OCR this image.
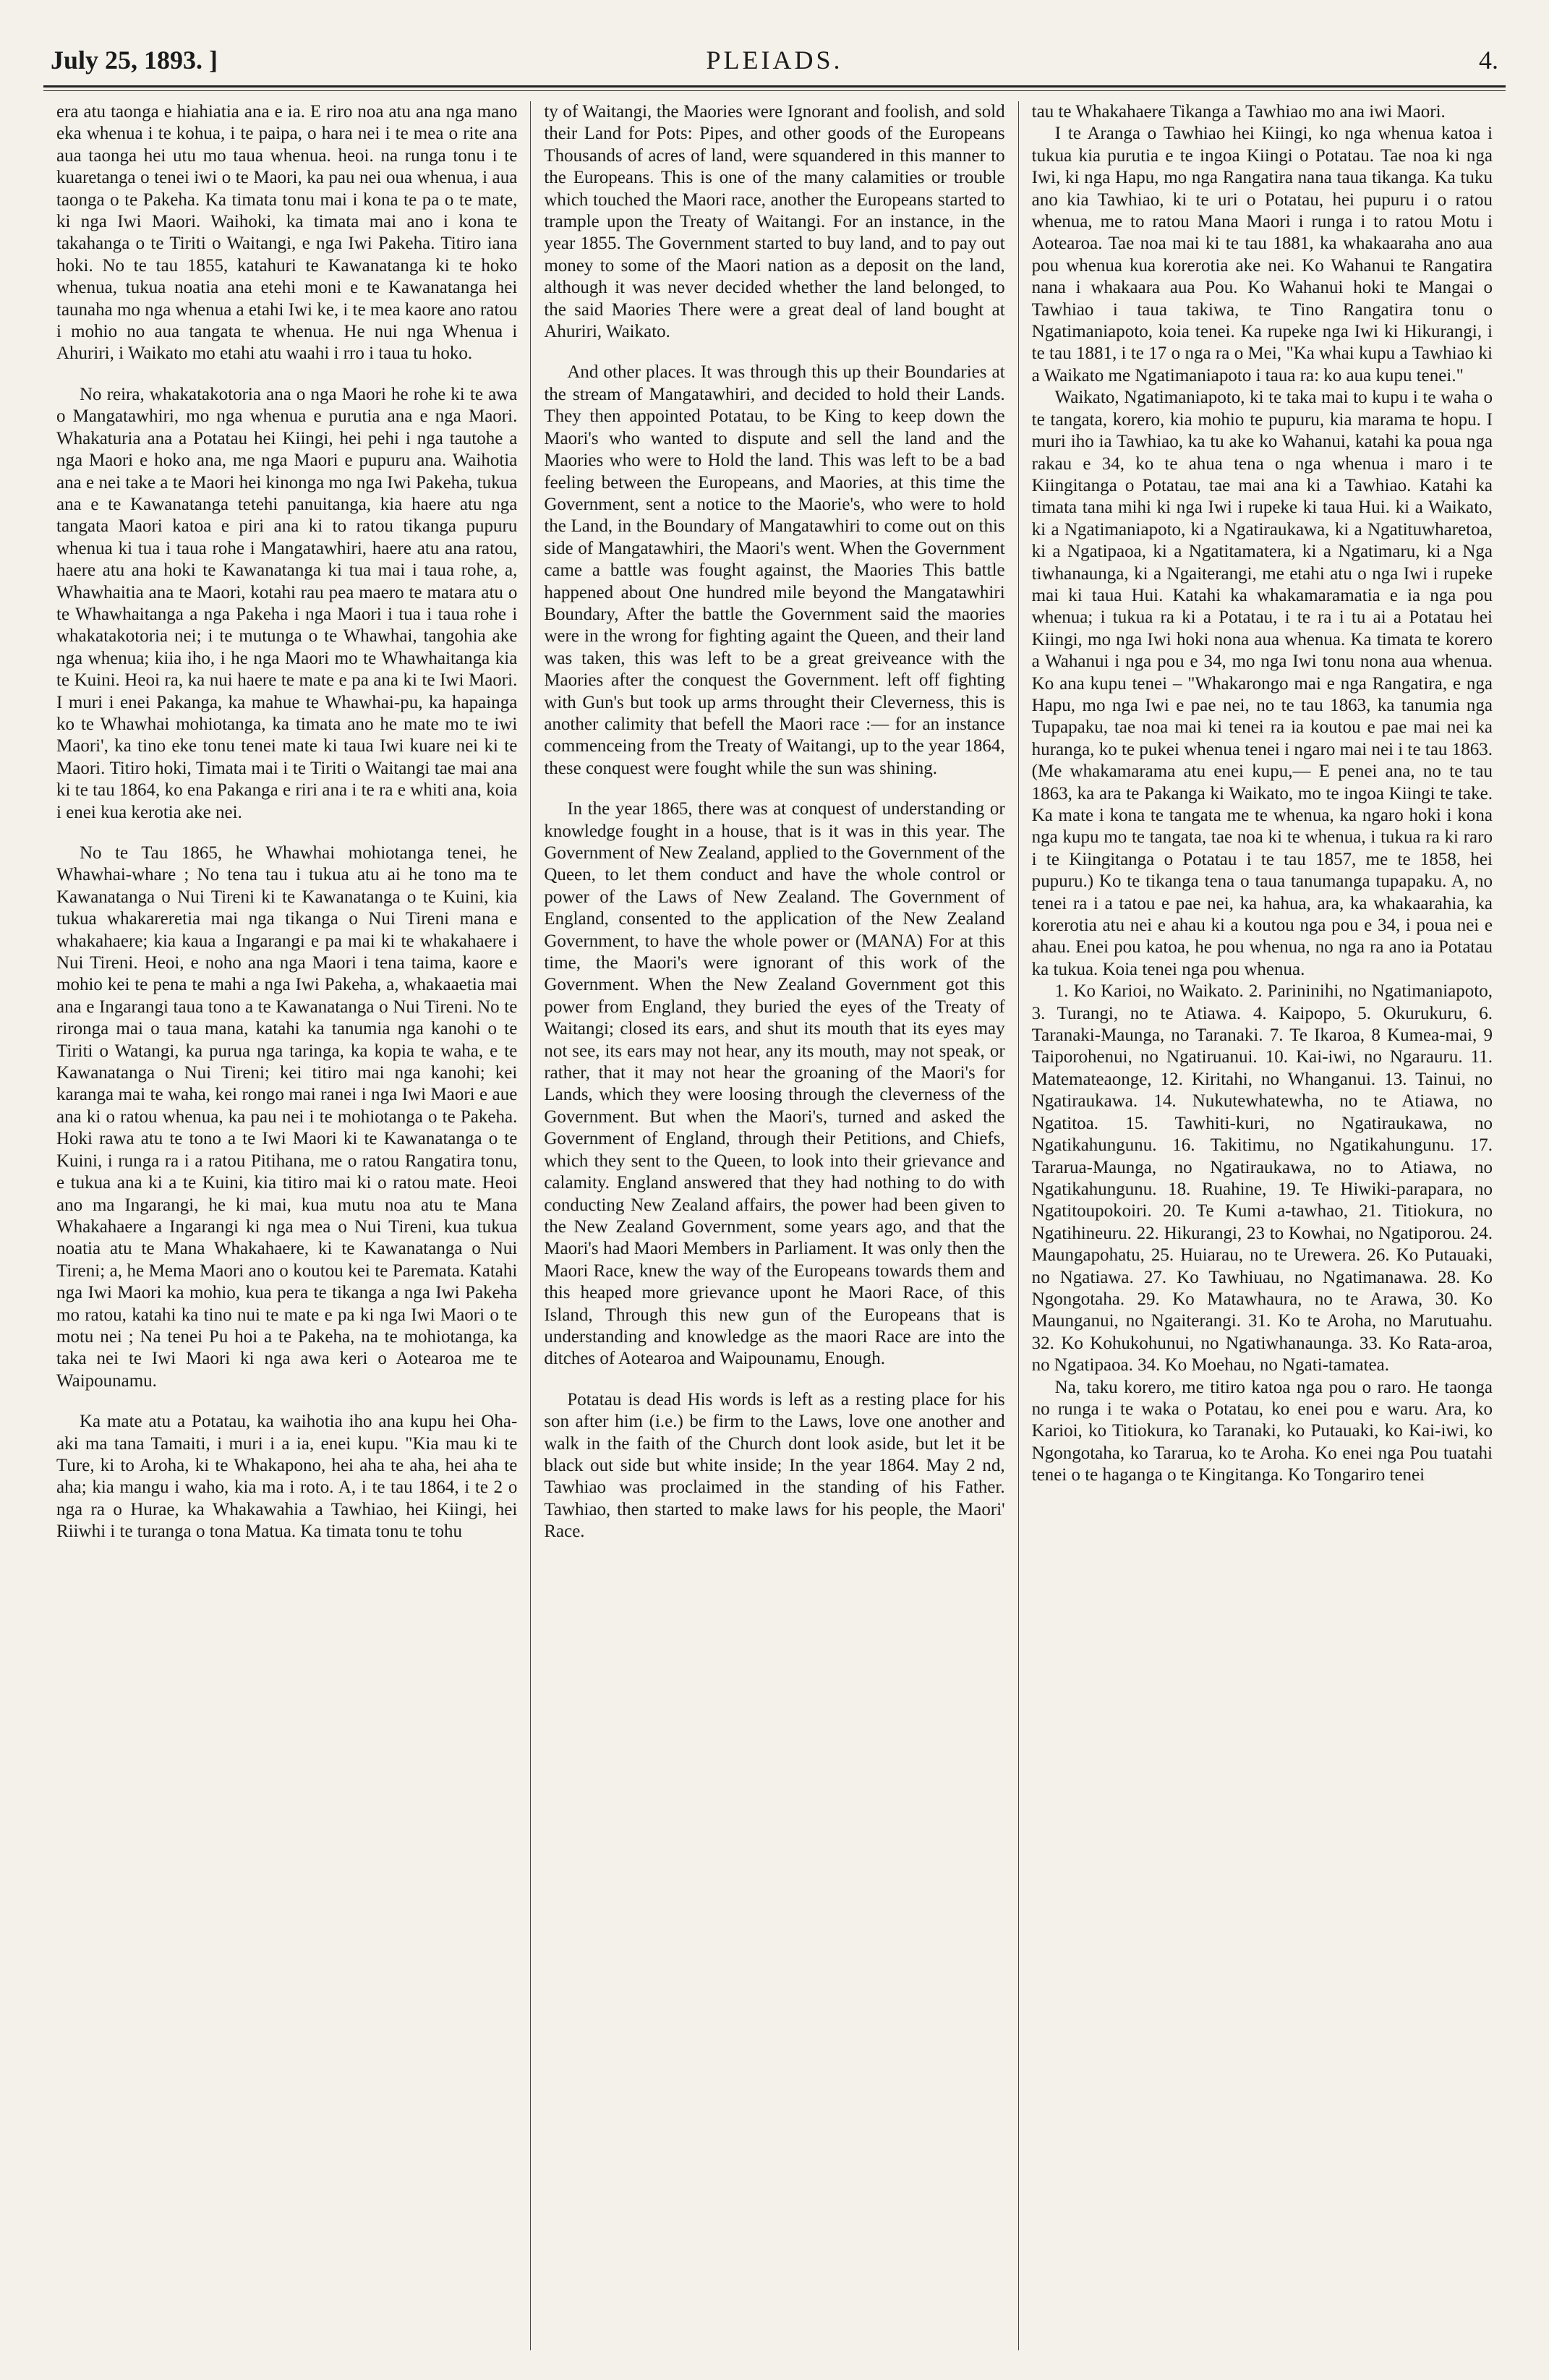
July 25, 1893. ]	PLEIADS.	4.

era atu taonga e hiahiatia ana e ia. E riro noa atu ana nga mano eka whenua i te kohua, i te paipa, o hara nei i te mea o rite ana aua taonga hei utu mo taua whenua. heoi. na runga tonu i te kuaretanga o tenei iwi o te Maori, ka pau nei oua whenua, i aua taonga o te Pakeha. Ka timata tonu mai i kona te pa o te mate, ki nga Iwi Maori. Waihoki, ka timata mai ano i kona te takahanga o te Tiriti o Waitangi, e nga Iwi Pakeha. Titiro iana hoki. No te tau 1855, katahuri te Kawanatanga ki te hoko whenua, tukua noatia ana etehi moni e te Kawanatanga hei taunaha mo nga whenua a etahi Iwi ke, i te mea kaore ano ratou i mohio no aua tangata te whenua. He nui nga Whenua i Ahuriri, i Waikato mo etahi atu waahi i rro i taua tu hoko.

No reira, whakatakotoria ana o nga Maori he rohe ki te awa o Mangatawhiri, mo nga whenua e purutia ana e nga Maori. Whakaturia ana a Potatau hei Kiingi, hei pehi i nga tautohe a nga Maori e hoko ana, me nga Maori e pupuru ana. Waihotia ana e nei take a te Maori hei kinonga mo nga Iwi Pakeha, tukua ana e te Kawanatanga tetehi panuitanga, kia haere atu nga tangata Maori katoa e piri ana ki to ratou tikanga pupuru whenua ki tua i taua rohe i Mangatawhiri, haere atu ana ratou, haere atu ana hoki te Kawanatanga ki tua mai i taua rohe, a, Whawhaitia ana te Maori, kotahi rau pea maero te matara atu o te Whawhaitanga a nga Pakeha i nga Maori i tua i taua rohe i whakatakotoria nei; i te mutunga o te Whawhai, tangohia ake nga whenua; kiia iho, i he nga Maori mo te Whawhaitanga kia te Kuini. Heoi ra, ka nui haere te mate e pa ana ki te Iwi Maori. I muri i enei Pakanga, ka mahue te Whawhai-pu, ka hapainga ko te Whawhai mohiotanga, ka timata ano he mate mo te iwi Maori', ka tino eke tonu tenei mate ki taua Iwi kuare nei ki te Maori. Titiro hoki, Timata mai i te Tiriti o Waitangi tae mai ana ki te tau 1864, ko ena Pakanga e riri ana i te ra e whiti ana, koia i enei kua kerotia ake nei.

No te Tau 1865, he Whawhai mohiotanga tenei, he Whawhai-whare ; No tena tau i tukua atu ai he tono ma te Kawanatanga o Nui Tireni ki te Kawanatanga o te Kuini, kia tukua whakareretia mai nga tikanga o Nui Tireni mana e whakahaere; kia kaua a Ingarangi e pa mai ki te whakahaere i Nui Tireni. Heoi, e noho ana nga Maori i tena taima, kaore e mohio kei te pena te mahi a nga Iwi Pakeha, a, whakaaetia mai ana e Ingarangi taua tono a te Kawanatanga o Nui Tireni. No te rironga mai o taua mana, katahi ka tanumia nga kanohi o te Tiriti o Watangi, ka purua nga taringa, ka kopia te waha, e te Kawanatanga o Nui Tireni; kei titiro mai nga kanohi; kei karanga mai te waha, kei rongo mai ranei i nga Iwi Maori e aue ana ki o ratou whenua, ka pau nei i te mohiotanga o te Pakeha. Hoki rawa atu te tono a te Iwi Maori ki te Kawanatanga o te Kuini, i runga ra i a ratou Pitihana, me o ratou Rangatira tonu, e tukua ana ki a te Kuini, kia titiro mai ki o ratou mate. Heoi ano ma Ingarangi, he ki mai, kua mutu noa atu te Mana Whakahaere a Ingarangi ki nga mea o Nui Tireni, kua tukua noatia atu te Mana Whakahaere, ki te Kawanatanga o Nui Tireni; a, he Mema Maori ano o koutou kei te Paremata. Katahi nga Iwi Maori ka mohio, kua pera te tikanga a nga Iwi Pakeha mo ratou, katahi ka tino nui te mate e pa ki nga Iwi Maori o te motu nei ; Na tenei Pu hoi a te Pakeha, na te mohiotanga, ka taka nei te Iwi Maori ki nga awa keri o Aotearoa me te Waipounamu.

Ka mate atu a Potatau, ka waihotia iho ana kupu hei Oha-aki ma tana Tamaiti, i muri i a ia, enei kupu. "Kia mau ki te Ture, ki to Aroha, ki te Whakapono, hei aha te aha, hei aha te aha; kia mangu i waho, kia ma i roto. A, i te tau 1864, i te 2 o nga ra o Hurae, ka Whakawahia a Tawhiao, hei Kiingi, hei Riiwhi i te turanga o tona Matua. Ka timata tonu te tohu

ty of Waitangi, the Maories were Ignorant and foolish, and sold their Land for Pots: Pipes, and other goods of the Europeans Thousands of acres of land, were squandered in this manner to the Europeans. This is one of the many calamities or trouble which touched the Maori race, another the Europeans started to trample upon the Treaty of Waitangi. For an instance, in the year 1855. The Government started to buy land, and to pay out money to some of the Maori nation as a deposit on the land, although it was never decided whether the land belonged, to the said Maories There were a great deal of land bought at Ahuriri, Waikato.

And other places. It was through this up their Boundaries at the stream of Mangatawhiri, and decided to hold their Lands. They then appointed Potatau, to be King to keep down the Maori's who wanted to dispute and sell the land and the Maories who were to Hold the land. This was left to be a bad feeling between the Europeans, and Maories, at this time the Government, sent a notice to the Maorie's, who were to hold the Land, in the Boundary of Mangatawhiri to come out on this side of Mangatawhiri, the Maori's went. When the Government came a battle was fought against, the Maories This battle happened about One hundred mile beyond the Mangatawhiri Boundary, After the battle the Government said the maories were in the wrong for fighting againt the Queen, and their land was taken, this was left to be a great greiveance with the Maories after the conquest the Government. left off fighting with Gun's but took up arms throught their Cleverness, this is another calimity that befell the Maori race :— for an instance commenceing from the Treaty of Waitangi, up to the year 1864, these conquest were fought while the sun was shining.

In the year 1865, there was at conquest of understanding or knowledge fought in a house, that is it was in this year. The Government of New Zealand, applied to the Government of the Queen, to let them conduct and have the whole control or power of the Laws of New Zealand. The Government of England, consented to the application of the New Zealand Government, to have the whole power or (MANA) For at this time, the Maori's were ignorant of this work of the Government. When the New Zealand Government got this power from England, they buried the eyes of the Treaty of Waitangi; closed its ears, and shut its mouth that its eyes may not see, its ears may not hear, any its mouth, may not speak, or rather, that it may not hear the groaning of the Maori's for Lands, which they were loosing through the cleverness of the Government. But when the Maori's, turned and asked the Government of England, through their Petitions, and Chiefs, which they sent to the Queen, to look into their grievance and calamity. England answered that they had nothing to do with conducting New Zealand affairs, the power had been given to the New Zealand Government, some years ago, and that the Maori's had Maori Members in Parliament. It was only then the Maori Race, knew the way of the Europeans towards them and this heaped more grievance upont he Maori Race, of this Island, Through this new gun of the Europeans that is understanding and knowledge as the maori Race are into the ditches of Aotearoa and Waipounamu, Enough.

Potatau is dead His words is left as a resting place for his son after him (i.e.) be firm to the Laws, love one another and walk in the faith of the Church dont look aside, but let it be black out side but white inside; In the year 1864. May 2 nd, Tawhiao was proclaimed in the standing of his Father. Tawhiao, then started to make laws for his people, the Maori' Race.

tau te Whakahaere Tikanga a Tawhiao mo ana iwi Maori.

I te Aranga o Tawhiao hei Kiingi, ko nga whenua katoa i tukua kia purutia e te ingoa Kiingi o Potatau. Tae noa ki nga Iwi, ki nga Hapu, mo nga Rangatira nana taua tikanga. Ka tuku ano kia Tawhiao, ki te uri o Potatau, hei pupuru i o ratou whenua, me to ratou Mana Maori i runga i to ratou Motu i Aotearoa. Tae noa mai ki te tau 1881, ka whakaaraha ano aua pou whenua kua korerotia ake nei. Ko Wahanui te Rangatira nana i whakaara aua Pou. Ko Wahanui hoki te Mangai o Tawhiao i taua takiwa, te Tino Rangatira tonu o Ngatimaniapoto, koia tenei. Ka rupeke nga Iwi ki Hikurangi, i te tau 1881, i te 17 o nga ra o Mei, "Ka whai kupu a Tawhiao ki a Waikato me Ngatimaniapoto i taua ra: ko aua kupu tenei."

Waikato, Ngatimaniapoto, ki te taka mai to kupu i te waha o te tangata, korero, kia mohio te pupuru, kia marama te hopu. I muri iho ia Tawhiao, ka tu ake ko Wahanui, katahi ka poua nga rakau e 34, ko te ahua tena o nga whenua i maro i te Kiingitanga o Potatau, tae mai ana ki a Tawhiao. Katahi ka timata tana mihi ki nga Iwi i rupeke ki taua Hui. ki a Waikato, ki a Ngatimaniapoto, ki a Ngatiraukawa, ki a Ngatituwharetoa, ki a Ngatipaoa, ki a Ngatitamatera, ki a Ngatimaru, ki a Nga tiwhanaunga, ki a Ngaiterangi, me etahi atu o nga Iwi i rupeke mai ki taua Hui. Katahi ka whakamaramatia e ia nga pou whenua; i tukua ra ki a Potatau, i te ra i tu ai a Potatau hei Kiingi, mo nga Iwi hoki nona aua whenua. Ka timata te korero a Wahanui i nga pou e 34, mo nga Iwi tonu nona aua whenua. Ko ana kupu tenei – "Whakarongo mai e nga Rangatira, e nga Hapu, mo nga Iwi e pae nei, no te tau 1863, ka tanumia nga Tupapaku, tae noa mai ki tenei ra ia koutou e pae mai nei ka huranga, ko te pukei whenua tenei i ngaro mai nei i te tau 1863. (Me whakamarama atu enei kupu,— E penei ana, no te tau 1863, ka ara te Pakanga ki Waikato, mo te ingoa Kiingi te take. Ka mate i kona te tangata me te whenua, ka ngaro hoki i kona nga kupu mo te tangata, tae noa ki te whenua, i tukua ra ki raro i te Kiingitanga o Potatau i te tau 1857, me te 1858, hei pupuru.) Ko te tikanga tena o taua tanumanga tupapaku. A, no tenei ra i a tatou e pae nei, ka hahua, ara, ka whakaarahia, ka korerotia atu nei e ahau ki a koutou nga pou e 34, i poua nei e ahau. Enei pou katoa, he pou whenua, no nga ra ano ia Potatau ka tukua. Koia tenei nga pou whenua.

1. Ko Karioi, no Waikato. 2. Parininihi, no Ngatimaniapoto, 3. Turangi, no te Atiawa. 4. Kaipopo, 5. Okurukuru, 6. Taranaki-Maunga, no Taranaki. 7. Te Ikaroa, 8 Kumea-mai, 9 Taiporohenui, no Ngatiruanui. 10. Kai-iwi, no Ngarauru. 11. Matemateaonge, 12. Kiritahi, no Whanganui. 13. Tainui, no Ngatiraukawa. 14. Nukutewhatewha, no te Atiawa, no Ngatitoa. 15. Tawhiti-kuri, no Ngatiraukawa, no Ngatikahungunu. 16. Takitimu, no Ngatikahungunu. 17. Tararua-Maunga, no Ngatiraukawa, no to Atiawa, no Ngatikahungunu. 18. Ruahine, 19. Te Hiwiki-parapara, no Ngatitoupokoiri. 20. Te Kumi a-tawhao, 21. Titiokura, no Ngatihineuru. 22. Hikurangi, 23 to Kowhai, no Ngatiporou. 24. Maungapohatu, 25. Huiarau, no te Urewera. 26. Ko Putauaki, no Ngatiawa. 27. Ko Tawhiuau, no Ngatimanawa. 28. Ko Ngongotaha. 29. Ko Matawhaura, no te Arawa, 30. Ko Maunganui, no Ngaiterangi. 31. Ko te Aroha, no Marutuahu. 32. Ko Kohukohunui, no Ngatiwhanaunga. 33. Ko Rata-aroa, no Ngatipaoa. 34. Ko Moehau, no Ngati-tamatea.

Na, taku korero, me titiro katoa nga pou o raro. He taonga no runga i te waka o Potatau, ko enei pou e waru. Ara, ko Karioi, ko Titiokura, ko Taranaki, ko Putauaki, ko Kai-iwi, ko Ngongotaha, ko Tararua, ko te Aroha. Ko enei nga Pou tuatahi tenei o te haganga o te Kingitanga. Ko Tongariro tenei
